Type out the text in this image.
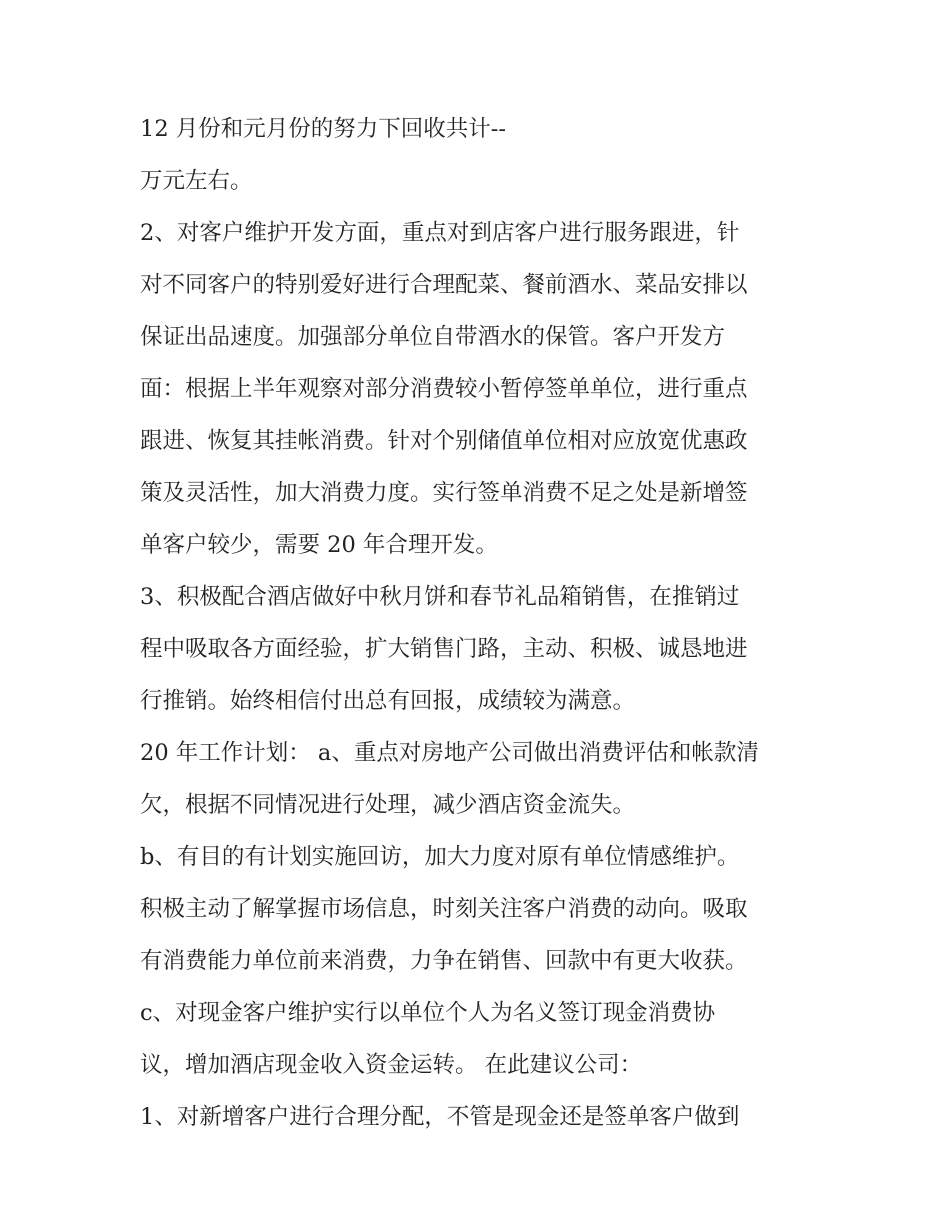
12 月份和元月份的努力下回收共计--
万元左右。
2、对客户维护开发方面，重点对到店客户进行服务跟进，针
对不同客户的特别爱好进行合理配菜、餐前酒水、菜品安排以
保证出品速度。加强部分单位自带酒水的保管。客户开发方
面：根据上半年观察对部分消费较小暂停签单单位，进行重点
跟进、恢复其挂帐消费。针对个别储值单位相对应放宽优惠政
策及灵活性，加大消费力度。实行签单消费不足之处是新增签
单客户较少，需要 20 年合理开发。
3、积极配合酒店做好中秋月饼和春节礼品箱销售，在推销过
程中吸取各方面经验，扩大销售门路，主动、积极、诚恳地进
行推销。始终相信付出总有回报，成绩较为满意。
20 年工作计划： a、重点对房地产公司做出消费评估和帐款清
欠，根据不同情况进行处理，减少酒店资金流失。
b、有目的有计划实施回访，加大力度对原有单位情感维护。
积极主动了解掌握市场信息，时刻关注客户消费的动向。吸取
有消费能力单位前来消费，力争在销售、回款中有更大收获。
c、对现金客户维护实行以单位个人为名义签订现金消费协
议，增加酒店现金收入资金运转。 在此建议公司：
1、对新增客户进行合理分配，不管是现金还是签单客户做到
